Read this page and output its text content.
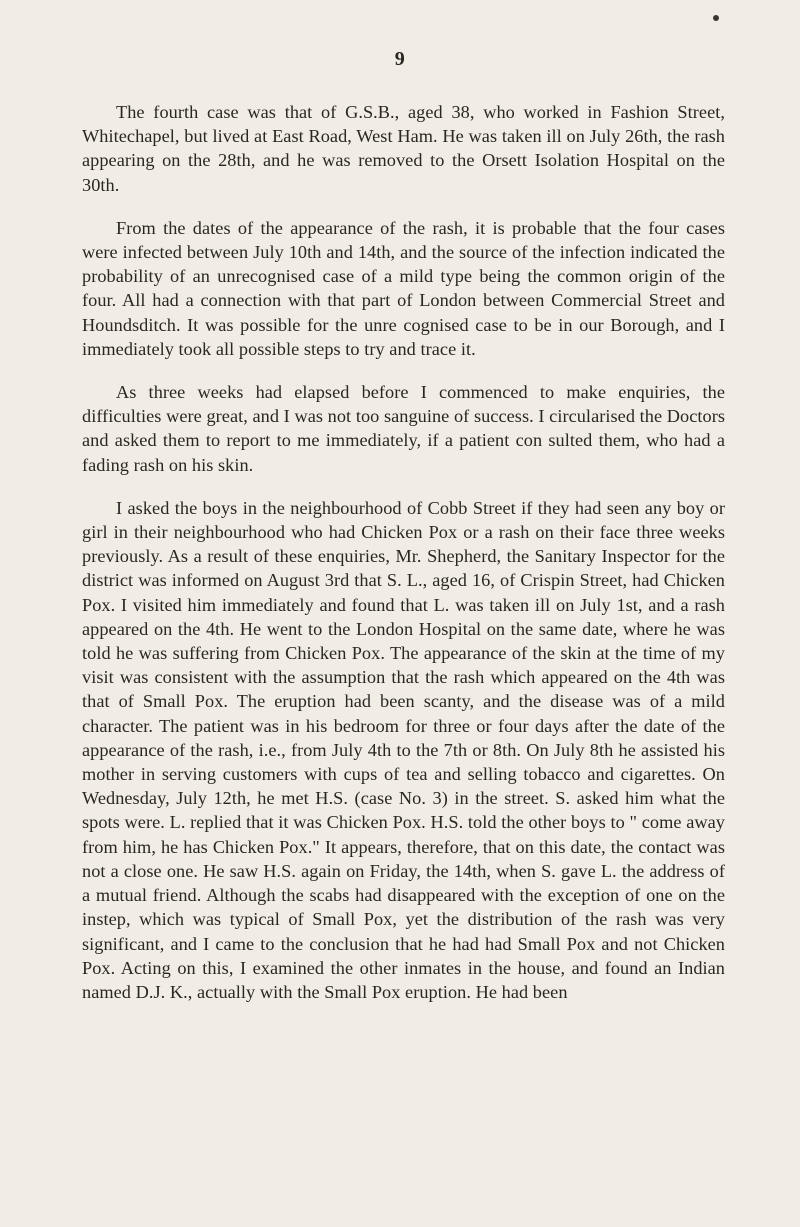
9

The fourth case was that of G.S.B., aged 38, who worked in Fashion Street, Whitechapel, but lived at East Road, West Ham. He was taken ill on July 26th, the rash appearing on the 28th, and he was removed to the Orsett Isolation Hospital on the 30th.

From the dates of the appearance of the rash, it is probable that the four cases were infected between July 10th and 14th, and the source of the infection indicated the probability of an unrecognised case of a mild type being the common origin of the four. All had a connection with that part of London between Commercial Street and Houndsditch. It was possible for the unre cognised case to be in our Borough, and I immediately took all possible steps to try and trace it.

As three weeks had elapsed before I commenced to make enquiries, the difficulties were great, and I was not too sanguine of success. I circularised the Doctors and asked them to report to me immediately, if a patient con sulted them, who had a fading rash on his skin.

I asked the boys in the neighbourhood of Cobb Street if they had seen any boy or girl in their neighbourhood who had Chicken Pox or a rash on their face three weeks previously. As a result of these enquiries, Mr. Shepherd, the Sanitary Inspector for the district was informed on August 3rd that S. L., aged 16, of Crispin Street, had Chicken Pox. I visited him immediately and found that L. was taken ill on July 1st, and a rash appeared on the 4th. He went to the London Hospital on the same date, where he was told he was suffering from Chicken Pox. The appearance of the skin at the time of my visit was consistent with the assumption that the rash which appeared on the 4th was that of Small Pox. The eruption had been scanty, and the disease was of a mild character. The patient was in his bedroom for three or four days after the date of the appearance of the rash, i.e., from July 4th to the 7th or 8th. On July 8th he assisted his mother in serving customers with cups of tea and selling tobacco and cigarettes. On Wednesday, July 12th, he met H.S. (case No. 3) in the street. S. asked him what the spots were. L. replied that it was Chicken Pox. H.S. told the other boys to " come away from him, he has Chicken Pox." It appears, therefore, that on this date, the contact was not a close one. He saw H.S. again on Friday, the 14th, when S. gave L. the address of a mutual friend. Although the scabs had disappeared with the exception of one on the instep, which was typical of Small Pox, yet the distribution of the rash was very significant, and I came to the conclusion that he had had Small Pox and not Chicken Pox. Acting on this, I examined the other inmates in the house, and found an Indian named D.J. K., actually with the Small Pox eruption. He had been
